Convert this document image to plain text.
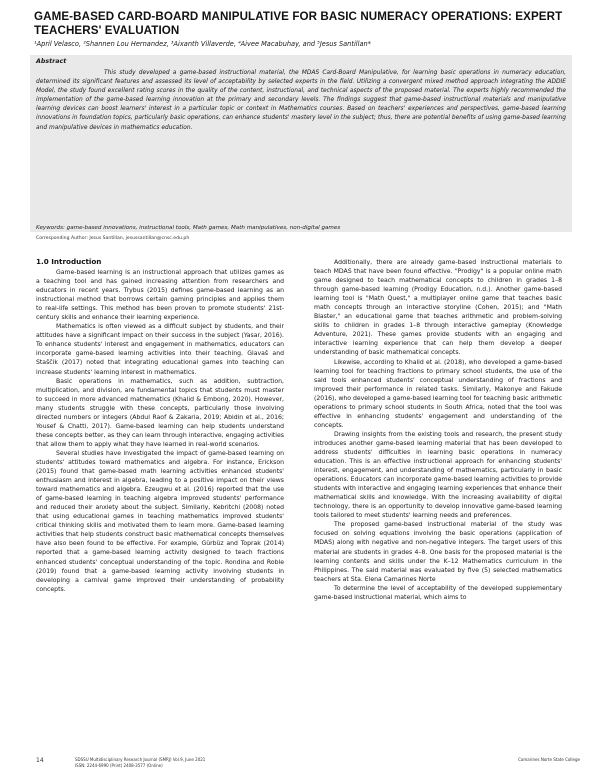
GAME-BASED CARD-BOARD MANIPULATIVE FOR BASIC NUMERACY OPERATIONS: EXPERT TEACHERS' EVALUATION
¹April Velasco, ²Shannen Lou Hernandez, ³Aixanth Villaverde, ⁴Aivee Macabuhay, and ⁵Jesus Santillan*
Abstract
This study developed a game-based instructional material, the MDAS Card-Board Manipulative, for learning basic operations in numeracy education, determined its significant features and assessed its level of acceptability by selected experts in the field. Utilizing a convergent mixed method approach integrating the ADDIE Model, the study found excellent rating scores in the quality of the content, instructional, and technical aspects of the proposed material. The experts highly recommended the implementation of the game-based learning innovation at the primary and secondary levels. The findings suggest that game-based instructional materials and manipulative learning devices can boost learners' interest in a particular topic or context in Mathematics courses. Based on teachers' experiences and perspectives, game-based learning innovations in foundation topics, particularly basic operations, can enhance students' mastery level in the subject; thus, there are potential benefits of using game-based learning and manipulative devices in mathematics education.
Keywords: game-based innovations, instructional tools, Math games, Math manipulatives, non-digital games
Corresponding Author: Jesus Santillan, jesussantillan@cnsc.edu.ph
1.0 Introduction

Game-based learning is an instructional approach that utilizes games as a teaching tool and has gained increasing attention from researchers and educators in recent years. Trybus (2015) defines game-based learning as an instructional method that borrows certain gaming principles and applies them to real-life settings. This method has been proven to promote students' 21st-century skills and enhance their learning experience.

Mathematics is often viewed as a difficult subject by students, and their attitudes have a significant impact on their success in the subject (Yasar, 2016). To enhance students' interest and engagement in mathematics, educators can incorporate game-based learning activities into their teaching. Glavaš and Staščik (2017) noted that integrating educational games into teaching can increase students' learning interest in mathematics.

Basic operations in mathematics, such as addition, subtraction, multiplication, and division, are fundamental topics that students must master to succeed in more advanced mathematics (Khalid & Embong, 2020). However, many students struggle with these concepts, particularly those involving directed numbers or integers (Abdul Raof & Zakaria, 2019; Abidin et al., 2016; Yousef & Chatti, 2017). Game-based learning can help students understand these concepts better, as they can learn through interactive, engaging activities that allow them to apply what they have learned in real-world scenarios.

Several studies have investigated the impact of game-based learning on students' attitudes toward mathematics and algebra. For instance, Erickson (2015) found that game-based math learning activities enhanced students' enthusiasm and interest in algebra, leading to a positive impact on their views toward mathematics and algebra. Ezeugwu et al. (2016) reported that the use of game-based learning in teaching algebra improved students' performance and reduced their anxiety about the subject. Similarly, Kebritchi (2008) noted that using educational games in teaching mathematics improved students' critical thinking skills and motivated them to learn more. Game-based learning activities that help students construct basic mathematical concepts themselves have also been found to be effective. For example, Gürbüz and Toprak (2014) reported that a game-based learning activity designed to teach fractions enhanced students' conceptual understanding of the topic. Rondina and Roble (2019) found that a game-based learning activity involving students in developing a carnival game improved their understanding of probability concepts.

Additionally, there are already game-based instructional materials to teach MDAS that have been found effective. "Prodigy" is a popular online math game designed to teach mathematical concepts to children in grades 1–8 through game-based learning (Prodigy Education, n.d.). Another game-based learning tool is "Math Quest," a multiplayer online game that teaches basic math concepts through an interactive storyline (Cohen, 2015); and "Math Blaster," an educational game that teaches arithmetic and problem-solving skills to children in grades 1–8 through interactive gameplay (Knowledge Adventure, 2021). These games provide students with an engaging and interactive learning experience that can help them develop a deeper understanding of basic mathematical concepts.

Likewise, according to Khalid et al. (2018), who developed a game-based learning tool for teaching fractions to primary school students, the use of the said tools enhanced students' conceptual understanding of fractions and improved their performance in related tasks. Similarly, Makonye and Fakude (2016), who developed a game-based learning tool for teaching basic arithmetic operations to primary school students in South Africa, noted that the tool was effective in enhancing students' engagement and understanding of the concepts.

Drawing insights from the existing tools and research, the present study introduces another game-based learning material that has been developed to address students' difficulties in learning basic operations in numeracy education. This is an effective instructional approach for enhancing students' interest, engagement, and understanding of mathematics, particularly in basic operations. Educators can incorporate game-based learning activities to provide students with interactive and engaging learning experiences that enhance their mathematical skills and knowledge. With the increasing availability of digital technology, there is an opportunity to develop innovative game-based learning tools tailored to meet students' learning needs and preferences.

The proposed game-based instructional material of the study was focused on solving equations involving the basic operations (application of MDAS) along with negative and non-negative integers. The target users of this material are students in grades 4–8. One basis for the proposed material is the learning contents and skills under the K–12 Mathematics curriculum in the Philippines. The said material was evaluated by five (5) selected mathematics teachers at Sta. Elena Camarines Norte

To determine the level of acceptability of the developed supplementary game-based instructional material, which aims to

14	SDSSU Multidisciplinary Research Journal (SMRJ) Vol.9, June 2021
ISSN: 2244-6990 (Print) 2408-3577 (Online)
Camarines Norte State College
